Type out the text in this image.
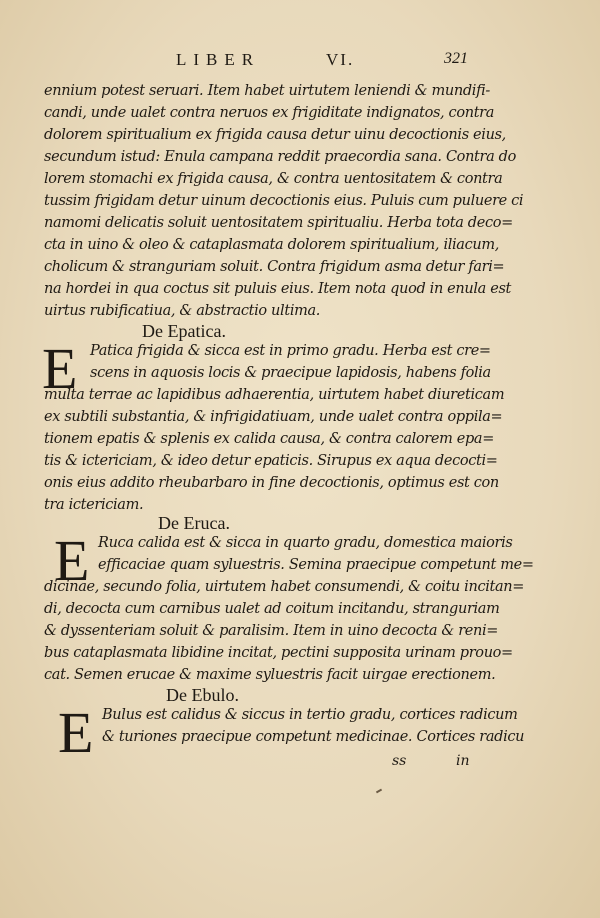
LIBER	VI.	321
ennium potest seruari. Item habet uirtutem leniendi & mundifi-
candi, unde ualet contra neruos ex frigiditate indignatos, contra
dolorem spiritualium ex frigida causa detur uinu decoctionis eius,
secundum istud: Enula campana reddit praecordia sana. Contra do
lorem stomachi ex frigida causa, & contra uentositatem & contra
tussim frigidam detur uinum decoctionis eius. Puluis cum puluere ci
namomi delicatis soluit uentositatem spiritualiu. Herba tota deco=
cta in uino & oleo & cataplasmata dolorem spiritualium, iliacum,
cholicum & stranguriam soluit. Contra frigidum asma detur fari=
na hordei in qua coctus sit puluis eius. Item nota quod in enula est
uirtus rubificatiua, & abstractio ultima.
De Epatica.
E Patica frigida & sicca est in primo gradu. Herba est cre=
scens in aquosis locis & praecipue lapidosis, habens folia
multa terrae ac lapidibus adhaerentia, uirtutem habet diureticam
ex subtili substantia, & infrigidatiuam, unde ualet contra oppila=
tionem epatis & splenis ex calida causa, & contra calorem epa=
tis & ictericiam, & ideo detur epaticis. Sirupus ex aqua decocti=
onis eius addito rheubarbaro in fine decoctionis, optimus est con
tra ictericiam.
De Eruca.
E Ruca calida est & sicca in quarto gradu, domestica maioris
efficaciae quam syluestris. Semina praecipue competunt me=
dicinae, secundo folia, uirtutem habet consumendi, & coitu incitan=
di, decocta cum carnibus ualet ad coitum incitandu, stranguriam
& dyssenteriam soluit & paralisim. Item in uino decocta & reni=
bus cataplasmata libidine incitat, pectini supposita urinam prouo=
cat. Semen erucae & maxime syluestris facit uirgae erectionem.
De Ebulo.
E Bulus est calidus & siccus in tertio gradu, cortices radicum
& turiones praecipue competunt medicinae. Cortices radicu
ss	in
